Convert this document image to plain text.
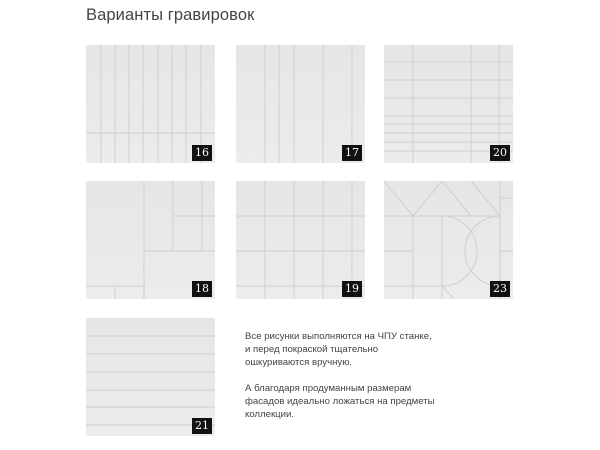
Варианты гравировок
16	17	20
18	19	23
21

Все рисунки выполняются на ЧПУ станке, и перед покраской тщательно ошкуриваются вручную.

А благодаря продуманным размерам фасадов идеально ложаться на предметы коллекции.
